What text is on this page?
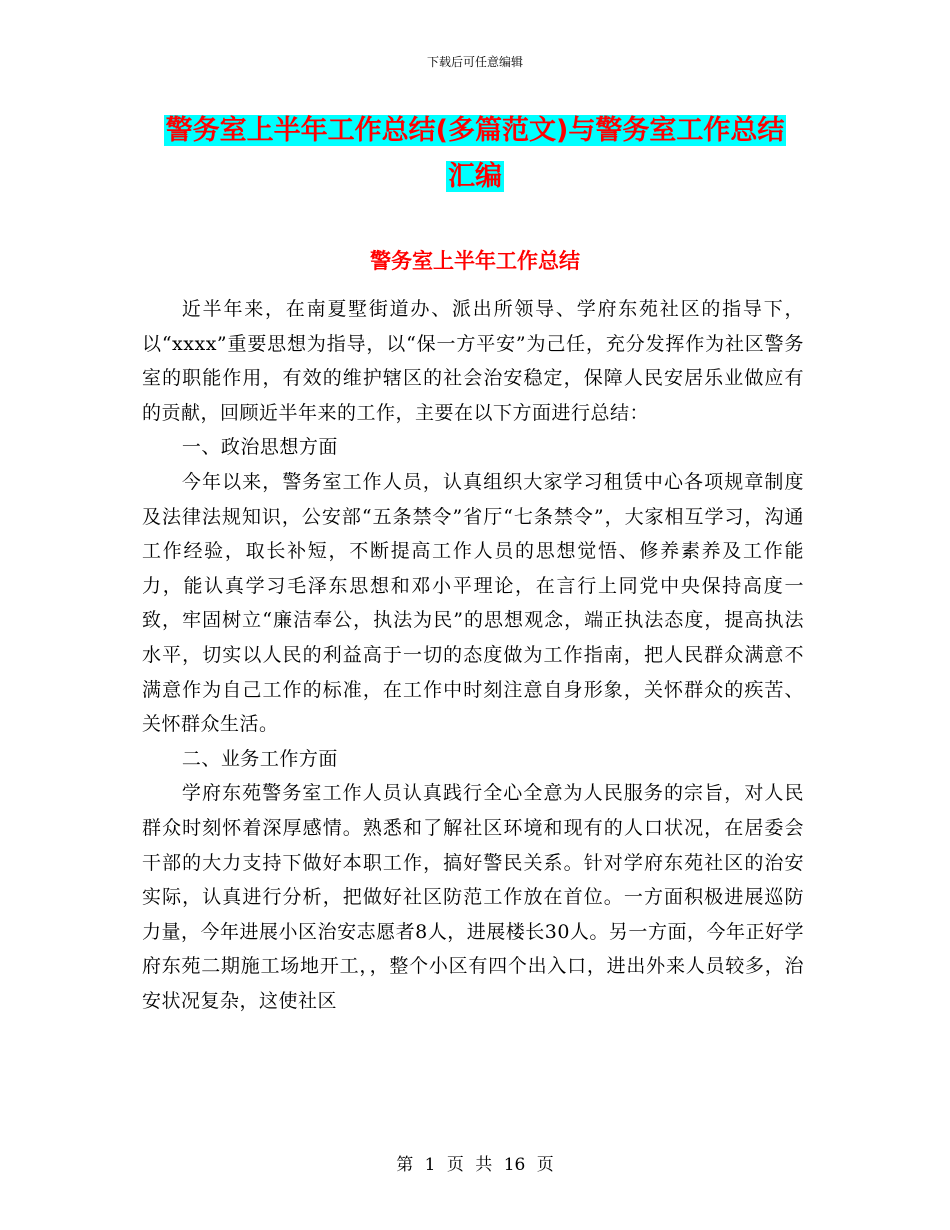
下载后可任意编辑
警务室上半年工作总结(多篇范文)与警务室工作总结
汇编
警务室上半年工作总结

近半年来，在南夏墅街道办、派出所领导、学府东苑社区的指导下，以“xxxx”重要思想为指导，以“保一方平安”为己任，充分发挥作为社区警务室的职能作用，有效的维护辖区的社会治安稳定，保障人民安居乐业做应有的贡献，回顾近半年来的工作，主要在以下方面进行总结：

一、政治思想方面

今年以来，警务室工作人员，认真组织大家学习租赁中心各项规章制度及法律法规知识，公安部“五条禁令”省厅“七条禁令”，大家相互学习，沟通工作经验，取长补短，不断提高工作人员的思想觉悟、修养素养及工作能力，能认真学习毛泽东思想和邓小平理论，在言行上同党中央保持高度一致，牢固树立“廉洁奉公，执法为民”的思想观念，端正执法态度，提高执法水平，切实以人民的利益高于一切的态度做为工作指南，把人民群众满意不满意作为自己工作的标准，在工作中时刻注意自身形象，关怀群众的疾苦、关怀群众生活。

二、业务工作方面

学府东苑警务室工作人员认真践行全心全意为人民服务的宗旨，对人民群众时刻怀着深厚感情。熟悉和了解社区环境和现有的人口状况，在居委会干部的大力支持下做好本职工作，搞好警民关系。针对学府东苑社区的治安实际，认真进行分析，把做好社区防范工作放在首位。一方面积极进展巡防力量，今年进展小区治安志愿者8人，进展楼长30人。另一方面，今年正好学府东苑二期施工场地开工，，整个小区有四个出入口，进出外来人员较多，治安状况复杂，这使社区

第 1 页 共 16 页
